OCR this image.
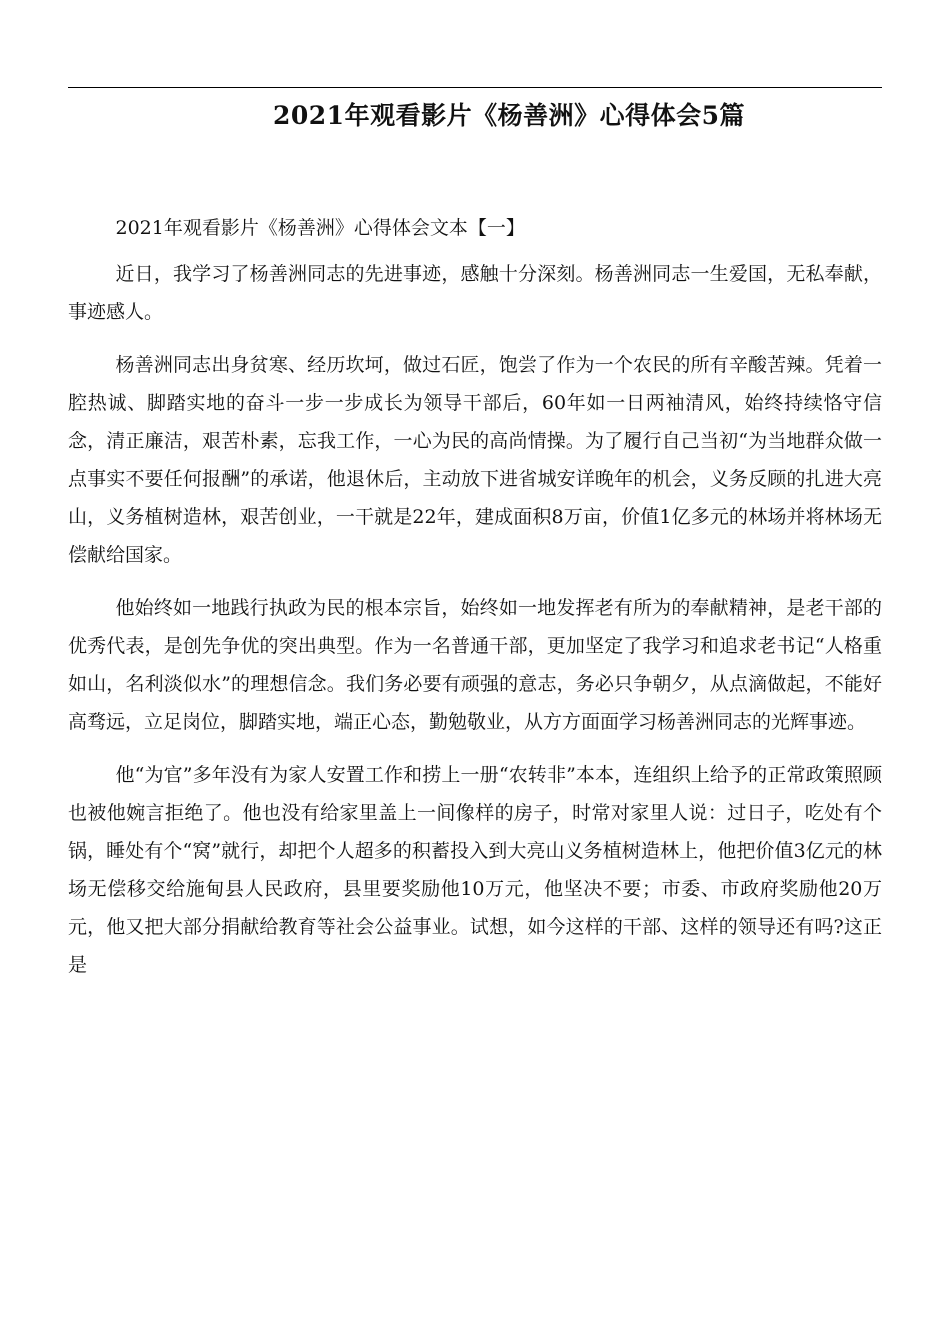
2021年观看影片《杨善洲》心得体会5篇

2021年观看影片《杨善洲》心得体会文本【一】

近日，我学习了杨善洲同志的先进事迹，感触十分深刻。杨善洲同志一生爱国，无私奉献，事迹感人。

杨善洲同志出身贫寒、经历坎坷，做过石匠，饱尝了作为一个农民的所有辛酸苦辣。凭着一腔热诚、脚踏实地的奋斗一步一步成长为领导干部后，60年如一日两袖清风，始终持续恪守信念，清正廉洁，艰苦朴素，忘我工作，一心为民的高尚情操。为了履行自己当初“为当地群众做一点事实不要任何报酬”的承诺，他退休后，主动放下进省城安详晚年的机会，义务反顾的扎进大亮山，义务植树造林，艰苦创业，一干就是22年，建成面积8万亩，价值1亿多元的林场并将林场无偿献给国家。

他始终如一地践行执政为民的根本宗旨，始终如一地发挥老有所为的奉献精神，是老干部的优秀代表，是创先争优的突出典型。作为一名普通干部，更加坚定了我学习和追求老书记“人格重如山，名利淡似水”的理想信念。我们务必要有顽强的意志，务必只争朝夕，从点滴做起，不能好高骛远，立足岗位，脚踏实地，端正心态，勤勉敬业，从方方面面学习杨善洲同志的光辉事迹。

他“为官”多年没有为家人安置工作和捞上一册“农转非”本本，连组织上给予的正常政策照顾也被他婉言拒绝了。他也没有给家里盖上一间像样的房子，时常对家里人说：过日子，吃处有个锅，睡处有个“窝”就行，却把个人超多的积蓄投入到大亮山义务植树造林上，他把价值3亿元的林场无偿移交给施甸县人民政府，县里要奖励他10万元，他坚决不要；市委、市政府奖励他20万元，他又把大部分捐献给教育等社会公益事业。试想，如今这样的干部、这样的领导还有吗?这正是
